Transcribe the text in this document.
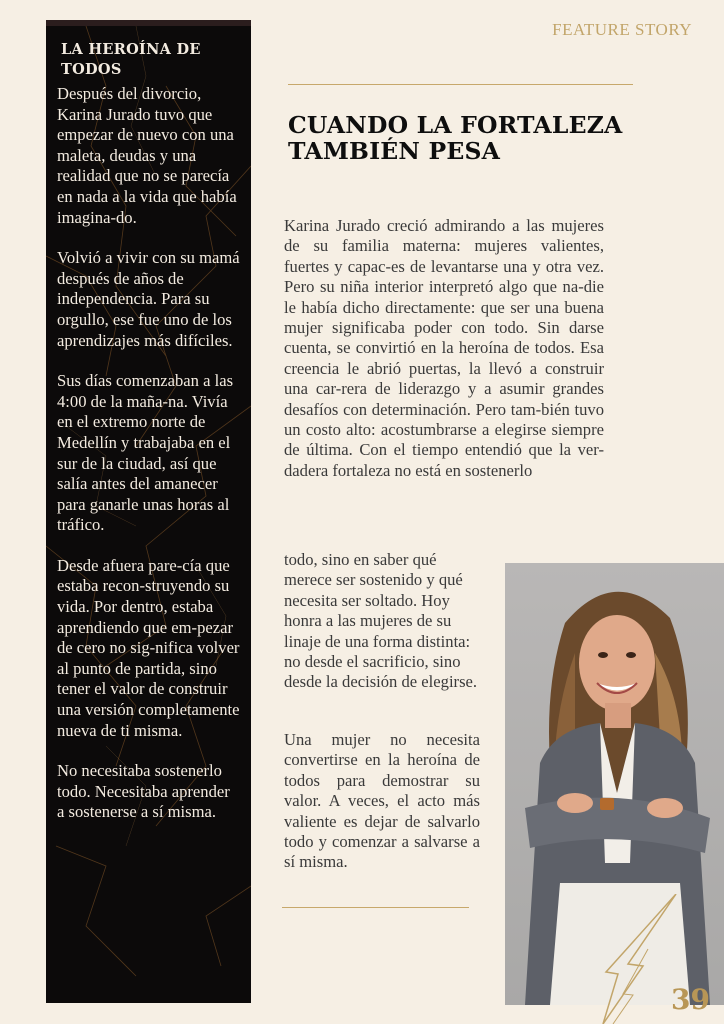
FEATURE STORY
LA HEROÍNA DE TODOS

Después del divorcio, Karina Jurado tuvo que empezar de nuevo con una maleta, deudas y una realidad que no se parecía en nada a la vida que había imagina-do.

Volvió a vivir con su mamá después de años de independencia. Para su orgullo, ese fue uno de los aprendizajes más difíciles.

Sus días comenzaban a las 4:00 de la maña-na. Vivía en el extremo norte de Medellín y trabajaba en el sur de la ciudad, así que salía antes del amanecer para ganarle unas horas al tráfico.

Desde afuera pare-cía que estaba recon-struyendo su vida. Por dentro, estaba aprendiendo que em-pezar de cero no sig-nifica volver al punto de partida, sino tener el valor de construir una versión completamente nueva de ti misma.

No necesitaba sostenerlo todo. Necesitaba aprender a sostenerse a sí misma.

CUANDO LA FORTALEZA TAMBIÉN PESA

Karina Jurado creció admirando a las mujeres de su familia materna: mujeres valientes, fuertes y capac-es de levantarse una y otra vez. Pero su niña interior interpretó algo que na-die le había dicho directamente: que ser una buena mujer significaba poder con todo. Sin darse cuenta, se convirtió en la heroína de todos. Esa creencia le abrió puertas, la llevó a construir una car-rera de liderazgo y a asumir grandes desafíos con determinación. Pero tam-bién tuvo un costo alto: acostumbrarse a elegirse siempre de última. Con el tiempo entendió que la ver-dadera fortaleza no está en sostenerlo

todo, sino en saber qué merece ser sostenido y qué necesita ser soltado. Hoy honra a las mujeres de su linaje de una forma distinta: no desde el sacrificio, sino desde la decisión de elegirse.

Una mujer no necesita convertirse en la heroína de todos para demostrar su valor. A veces, el acto más valiente es dejar de salvarlo todo y comenzar a salvarse a sí misma.

39
